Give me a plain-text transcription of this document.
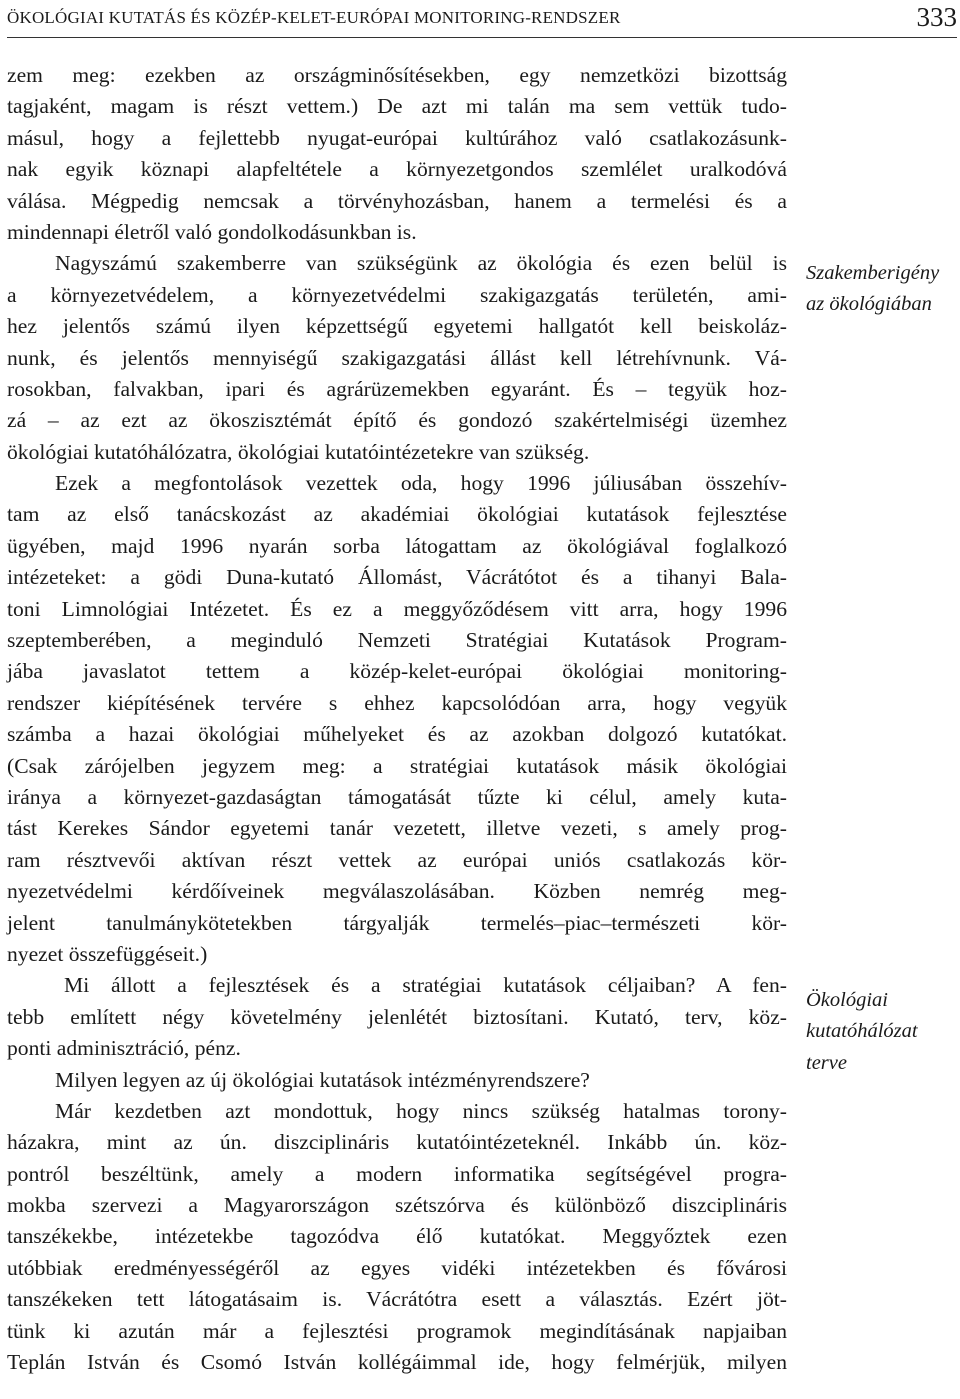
ÖKOLÓGIAI KUTATÁS ÉS KÖZÉP-KELET-EURÓPAI MONITORING-RENDSZER	333
zem meg: ezekben az országminősítésekben, egy nemzetközi bizottság
tagjaként, magam is részt vettem.) De azt mi talán ma sem vettük tudo-
másul, hogy a fejlettebb nyugat-európai kultúrához való csatlakozásunk-
nak egyik köznapi alapfeltétele a környezetgondos szemlélet uralkodóvá
válása. Mégpedig nemcsak a törvényhozásban, hanem a termelési és a
mindennapi életről való gondolkodásunkban is.
Nagyszámú szakemberre van szükségünk az ökológia és ezen belül is
a környezetvédelem, a környezetvédelmi szakigazgatás területén, ami-
hez jelentős számú ilyen képzettségű egyetemi hallgatót kell beiskoláz-
nunk, és jelentős mennyiségű szakigazgatási állást kell létrehívnunk. Vá-
rosokban, falvakban, ipari és agrárüzemekben egyaránt. És – tegyük hoz-
zá – az ezt az ökoszisztémát építő és gondozó szakértelmiségi üzemhez
ökológiai kutatóhálózatra, ökológiai kutatóintézetekre van szükség.
Ezek a megfontolások vezettek oda, hogy 1996 júliusában összehív-
tam az első tanácskozást az akadémiai ökológiai kutatások fejlesztése
ügyében, majd 1996 nyarán sorba látogattam az ökológiával foglalkozó
intézeteket: a gödi Duna-kutató Állomást, Vácrátótot és a tihanyi Bala-
toni Limnológiai Intézetet. És ez a meggyőződésem vitt arra, hogy 1996
szeptemberében, a meginduló Nemzeti Stratégiai Kutatások Program-
jába javaslatot tettem a közép-kelet-európai ökológiai monitoring-
rendszer kiépítésének tervére s ehhez kapcsolódóan arra, hogy vegyük
számba a hazai ökológiai műhelyeket és az azokban dolgozó kutatókat.
(Csak zárójelben jegyzem meg: a stratégiai kutatások másik ökológiai
iránya a környezet-gazdaságtan támogatását tűzte ki célul, amely kuta-
tást Kerekes Sándor egyetemi tanár vezetett, illetve vezeti, s amely prog-
ram résztvevői aktívan részt vettek az európai uniós csatlakozás kör-
nyezetvédelmi kérdőíveinek megválaszolásában. Közben nemrég meg-
jelent tanulmánykötetekben tárgyalják termelés–piac–természeti kör-
nyezet összefüggéseit.)
Mi állott a fejlesztések és a stratégiai kutatások céljaiban? A fen-
tebb említett négy követelmény jelenlétét biztosítani. Kutató, terv, köz-
ponti adminisztráció, pénz.
Milyen legyen az új ökológiai kutatások intézményrendszere?
Már kezdetben azt mondottuk, hogy nincs szükség hatalmas torony-
házakra, mint az ún. diszciplináris kutatóintézeteknél. Inkább ún. köz-
pontról beszéltünk, amely a modern informatika segítségével progra-
mokba szervezi a Magyarországon szétszórva és különböző diszciplináris
tanszékekbe, intézetekbe tagozódva élő kutatókat. Meggyőztek ezen
utóbbiak eredményességéről az egyes vidéki intézetekben és fővárosi
tanszékeken tett látogatásaim is. Vácrátótra esett a választás. Ezért jöt-
tünk ki azután már a fejlesztési programok megindításának napjaiban
Teplán István és Csomó István kollégáimmal ide, hogy felmérjük, milyen
Szakemberigény
az ökológiában
Ökológiai
kutatóhálózat
terve
